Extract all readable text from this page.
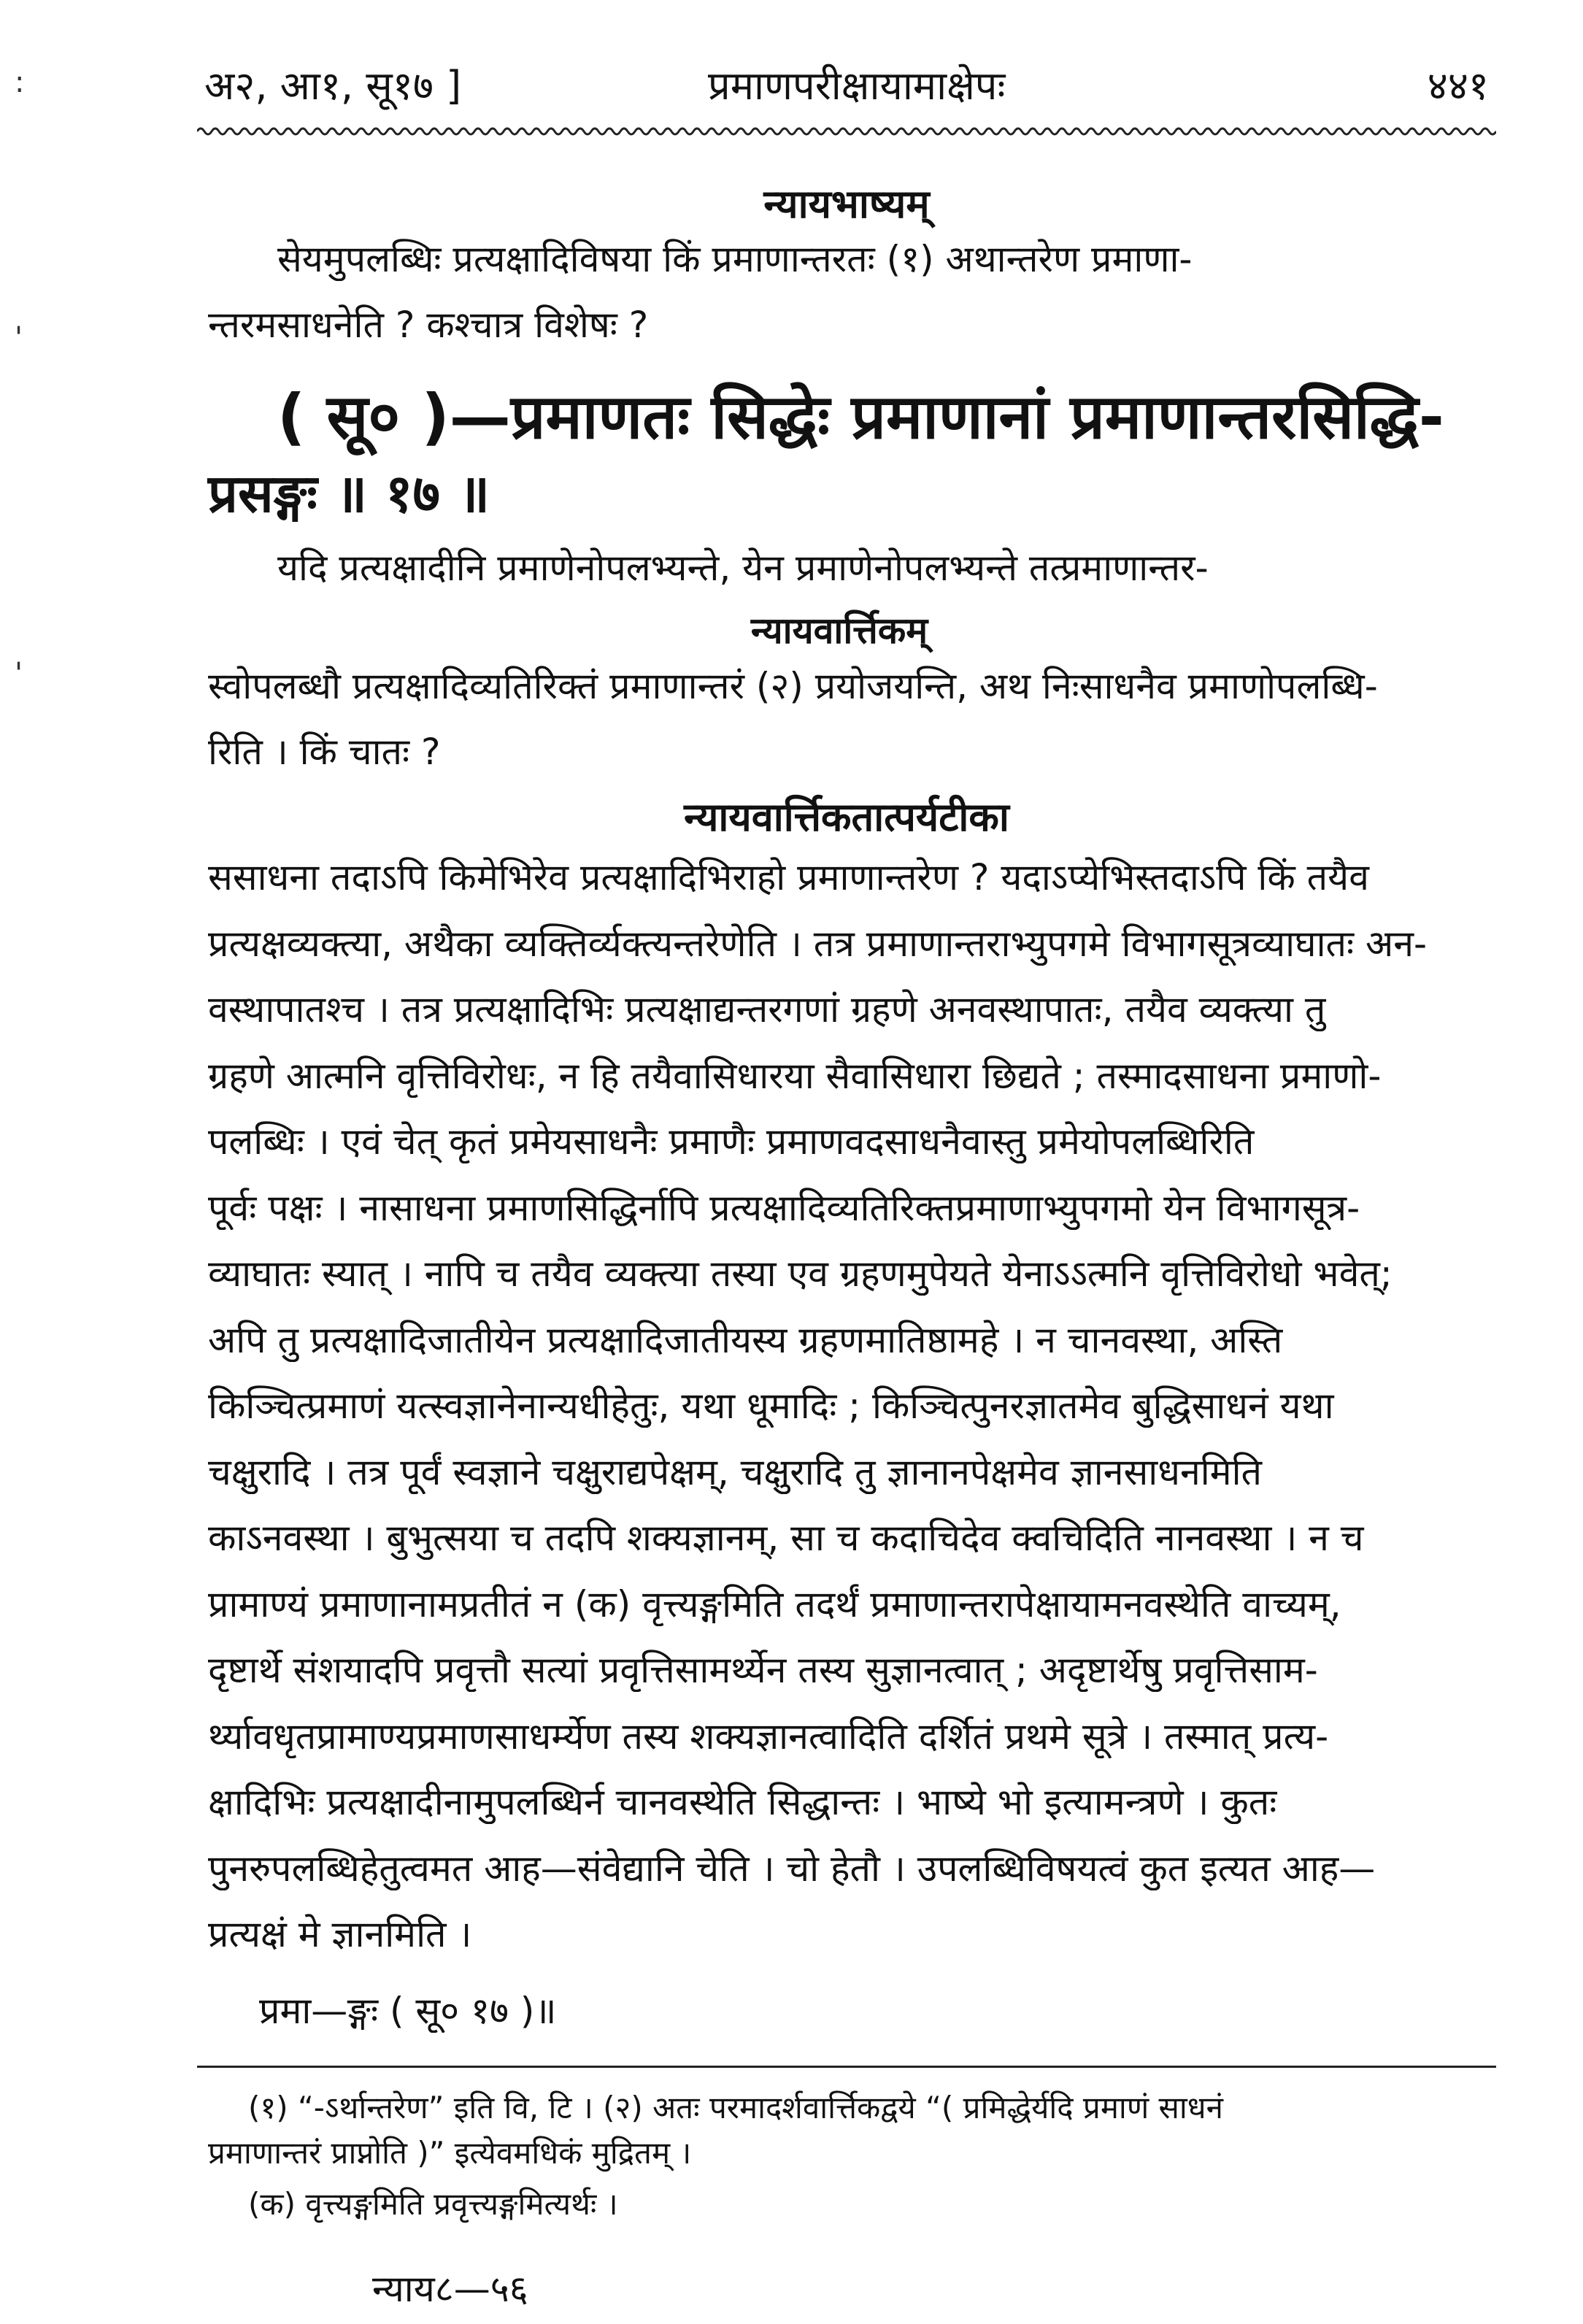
:
'
'
अ२, आ१, सू१७ ]	प्रमाणपरीक्षायामाक्षेपः	४४१
न्यायभाष्यम्
सेयमुपलब्धिः प्रत्यक्षादिविषया किं प्रमाणान्तरतः (१) अथान्तरेण प्रमाणा-
न्तरमसाधनेति ? कश्चात्र विशेषः ?
( सू० )—प्रमाणतः सिद्धेः प्रमाणानां प्रमाणान्तरसिद्धि-
प्रसङ्गः ॥ १७ ॥
यदि प्रत्यक्षादीनि प्रमाणेनोपलभ्यन्ते, येन प्रमाणेनोपलभ्यन्ते तत्प्रमाणान्तर-
न्यायवार्त्तिकम्
स्वोपलब्धौ प्रत्यक्षादिव्यतिरिक्तं प्रमाणान्तरं (२) प्रयोजयन्ति, अथ निःसाधनैव प्रमाणोपलब्धि-
रिति । किं चातः ?
न्यायवार्त्तिकतात्पर्यटीका
ससाधना तदाऽपि किमेभिरेव प्रत्यक्षादिभिराहो प्रमाणान्तरेण ? यदाऽप्येभिस्तदाऽपि किं तयैव
प्रत्यक्षव्यक्त्या, अथैका व्यक्तिर्व्यक्त्यन्तरेणेति । तत्र प्रमाणान्तराभ्युपगमे विभागसूत्रव्याघातः अन-
वस्थापातश्च । तत्र प्रत्यक्षादिभिः प्रत्यक्षाद्यन्तरगणां ग्रहणे अनवस्थापातः, तयैव व्यक्त्या तु
ग्रहणे आत्मनि वृत्तिविरोधः, न हि तयैवासिधारया सैवासिधारा छिद्यते ; तस्मादसाधना प्रमाणो-
पलब्धिः । एवं चेत् कृतं प्रमेयसाधनैः प्रमाणैः प्रमाणवदसाधनैवास्तु प्रमेयोपलब्धिरिति
पूर्वः पक्षः । नासाधना प्रमाणसिद्धिर्नापि प्रत्यक्षादिव्यतिरिक्तप्रमाणाभ्युपगमो येन विभागसूत्र-
व्याघातः स्यात् । नापि च तयैव व्यक्त्या तस्या एव ग्रहणमुपेयते येनाऽऽत्मनि वृत्तिविरोधो भवेत्;
अपि तु प्रत्यक्षादिजातीयेन प्रत्यक्षादिजातीयस्य ग्रहणमातिष्ठामहे । न चानवस्था, अस्ति
किञ्चित्प्रमाणं यत्स्वज्ञानेनान्यधीहेतुः, यथा धूमादिः ; किञ्चित्पुनरज्ञातमेव बुद्धिसाधनं यथा
चक्षुरादि । तत्र पूर्वं स्वज्ञाने चक्षुराद्यपेक्षम्, चक्षुरादि तु ज्ञानानपेक्षमेव ज्ञानसाधनमिति
काऽनवस्था । बुभुत्सया च तदपि शक्यज्ञानम्, सा च कदाचिदेव क्वचिदिति नानवस्था । न च
प्रामाण्यं प्रमाणानामप्रतीतं न (क) वृत्त्यङ्गमिति तदर्थं प्रमाणान्तरापेक्षायामनवस्थेति वाच्यम्,
दृष्टार्थे संशयादपि प्रवृत्तौ सत्यां प्रवृत्तिसामर्थ्येन तस्य सुज्ञानत्वात् ; अदृष्टार्थेषु प्रवृत्तिसाम-
र्थ्यावधृतप्रामाण्यप्रमाणसाधर्म्येण तस्य शक्यज्ञानत्वादिति दर्शितं प्रथमे सूत्रे । तस्मात् प्रत्य-
क्षादिभिः प्रत्यक्षादीनामुपलब्धिर्न चानवस्थेति सिद्धान्तः । भाष्ये भो इत्यामन्त्रणे । कुतः
पुनरुपलब्धिहेतुत्वमत आह—संवेद्यानि चेति । चो हेतौ । उपलब्धिविषयत्वं कुत इत्यत आह—
प्रत्यक्षं मे ज्ञानमिति ।
प्रमा—ङ्गः ( सू० १७ )॥
(१) “-ऽर्थान्तरेण” इति वि, टि । (२) अतः परमादर्शवार्त्तिकद्वये “( प्रमिद्धेर्यदि प्रमाणं साधनं
प्रमाणान्तरं प्राप्नोति )” इत्येवमधिकं मुद्रितम् ।
(क) वृत्त्यङ्गमिति प्रवृत्त्यङ्गमित्यर्थः ।
न्याय८—५६
